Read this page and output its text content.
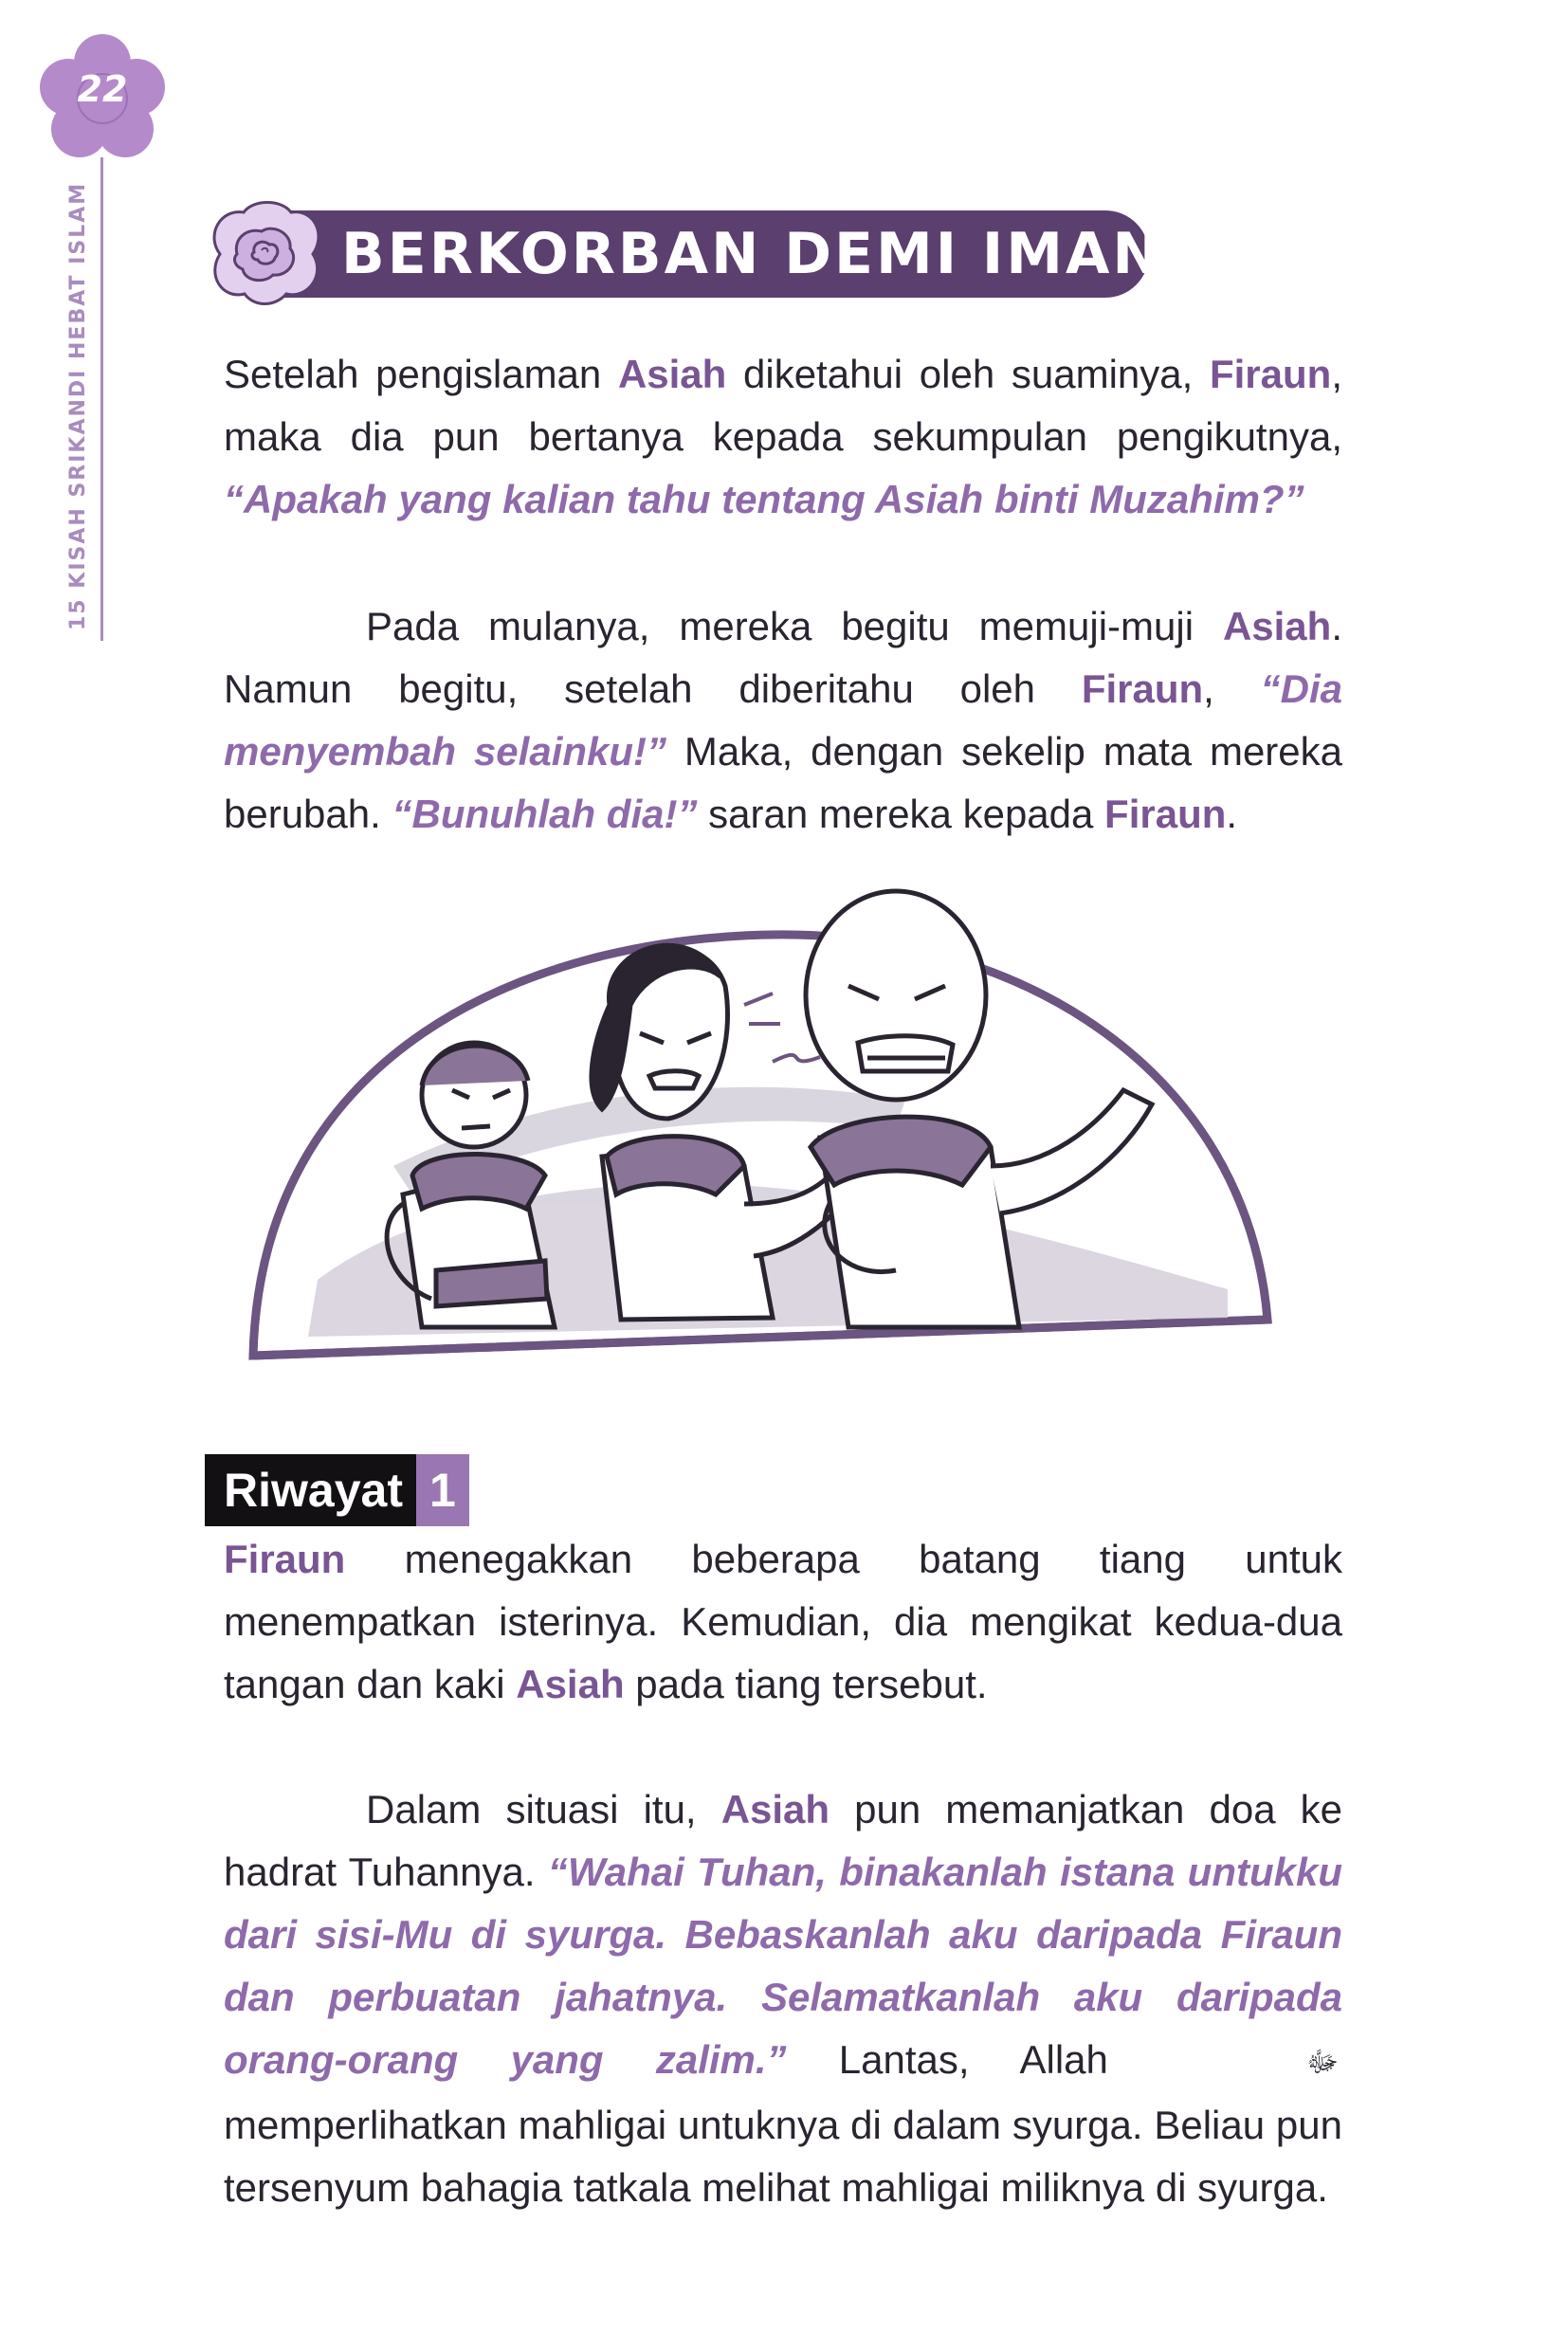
22
15 KISAH SRIKANDI HEBAT ISLAM	BERKORBAN DEMI IMAN

Setelah pengislaman Asiah diketahui oleh suaminya, Firaun, maka dia pun bertanya kepada sekumpulan pengikutnya, “Apakah yang kalian tahu tentang Asiah binti Muzahim?”

Pada mulanya, mereka begitu memuji-muji Asiah. Namun begitu, setelah diberitahu oleh Firaun, “Dia menyembah selainku!” Maka, dengan sekelip mata mereka berubah. “Bunuhlah dia!” saran mereka kepada Firaun.

Riwayat 1

Firaun menegakkan beberapa batang tiang untuk menempatkan isterinya. Kemudian, dia mengikat kedua-dua tangan dan kaki Asiah pada tiang tersebut.

Dalam situasi itu, Asiah pun memanjatkan doa ke hadrat Tuhannya. “Wahai Tuhan, binakanlah istana untukku dari sisi-Mu di syurga. Bebaskanlah aku daripada Firaun dan perbuatan jahatnya. Selamatkanlah aku daripada orang-orang yang zalim.” Lantas, Allah	ﷻ memperlihatkan mahligai untuknya di dalam syurga. Beliau pun tersenyum bahagia tatkala melihat mahligai miliknya di syurga.
